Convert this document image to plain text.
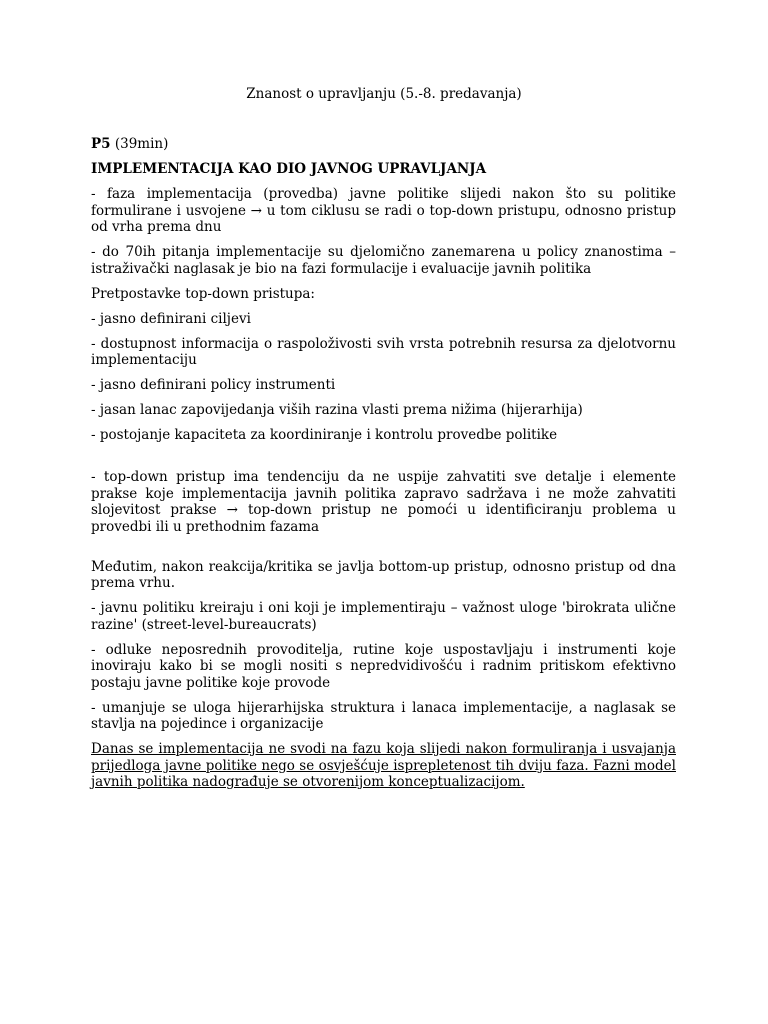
Znanost o upravljanju (5.-8. predavanja)

P5 (39min)

IMPLEMENTACIJA KAO DIO JAVNOG UPRAVLJANJA

- faza implementacija (provedba) javne politike slijedi nakon što su politike formulirane i usvojene → u tom ciklusu se radi o top-down pristupu, odnosno pristup od vrha prema dnu

- do 70ih pitanja implementacije su djelomično zanemarena u policy znanostima – istraživački naglasak je bio na fazi formulacije i evaluacije javnih politika

Pretpostavke top-down pristupa:

- jasno definirani ciljevi

- dostupnost informacija o raspoloživosti svih vrsta potrebnih resursa za djelotvornu implementaciju

- jasno definirani policy instrumenti

- jasan lanac zapovijedanja viših razina vlasti prema nižima (hijerarhija)

- postojanje kapaciteta za koordiniranje i kontrolu provedbe politike

- top-down pristup ima tendenciju da ne uspije zahvatiti sve detalje i elemente prakse koje implementacija javnih politika zapravo sadržava i ne može zahvatiti slojevitost prakse → top-down pristup ne pomoći u identificiranju problema u provedbi ili u prethodnim fazama

Međutim, nakon reakcija/kritika se javlja bottom-up pristup, odnosno pristup od dna prema vrhu.

- javnu politiku kreiraju i oni koji je implementiraju – važnost uloge 'birokrata ulične razine' (street-level-bureaucrats)

- odluke neposrednih provoditelja, rutine koje uspostavljaju i instrumenti koje inoviraju kako bi se mogli nositi s nepredvidivošću i radnim pritiskom efektivno postaju javne politike koje provode

- umanjuje se uloga hijerarhijska struktura i lanaca implementacije, a naglasak se stavlja na pojedince i organizacije

Danas se implementacija ne svodi na fazu koja slijedi nakon formuliranja i usvajanja prijedloga javne politike nego se osvješćuje isprepletenost tih dviju faza. Fazni model javnih politika nadograđuje se otvorenijom konceptualizacijom.
